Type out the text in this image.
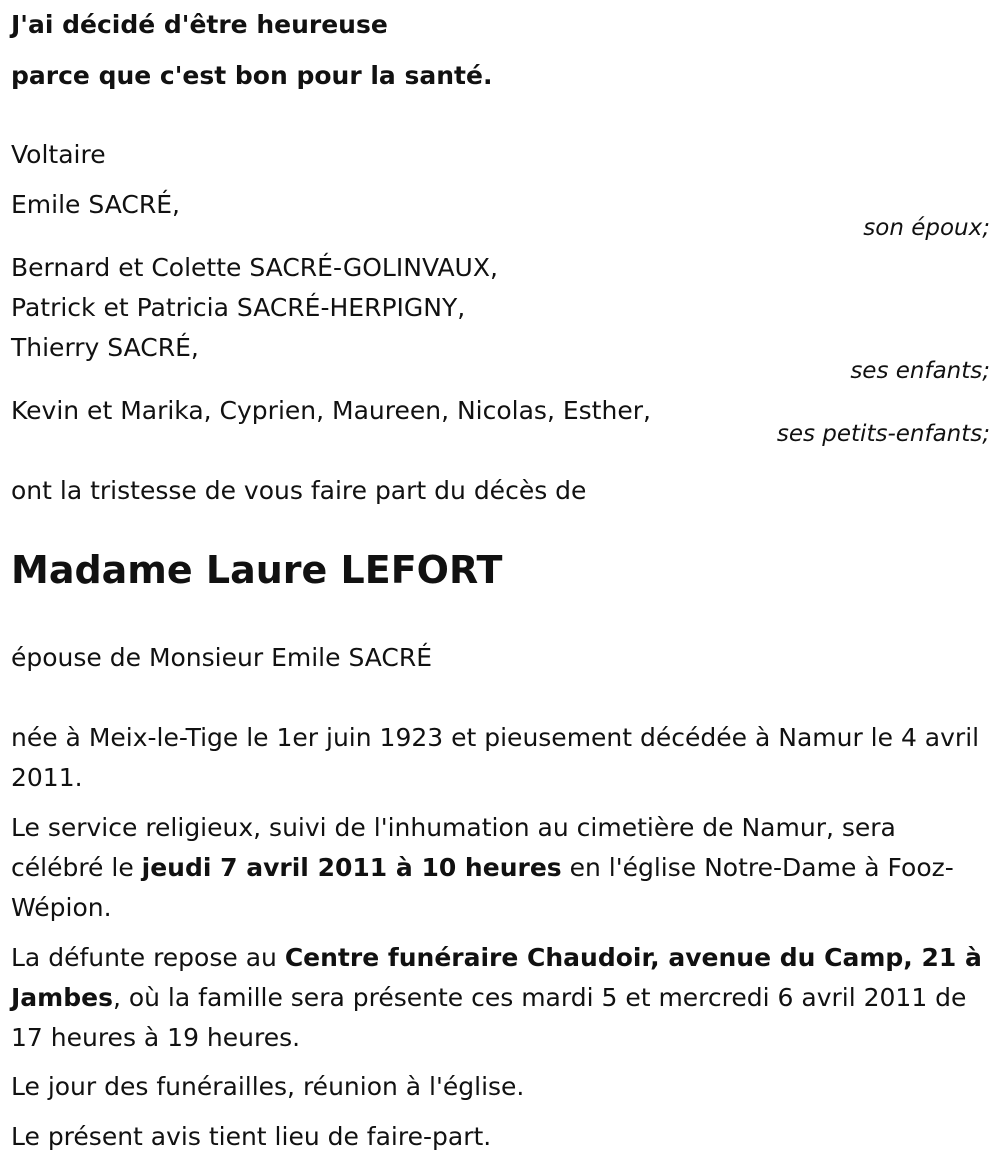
J'ai décidé d'être heureuse
parce que c'est bon pour la santé.
Voltaire
Emile SACRÉ,
son époux;
Bernard et Colette SACRÉ-GOLINVAUX,
Patrick et Patricia SACRÉ-HERPIGNY,
Thierry SACRÉ,
ses enfants;
Kevin et Marika, Cyprien, Maureen, Nicolas, Esther,
ses petits-enfants;
ont la tristesse de vous faire part du décès de
Madame Laure LEFORT
épouse de Monsieur Emile SACRÉ
née à Meix-le-Tige le 1er juin 1923 et pieusement décédée à Namur le 4 avril 2011.
Le service religieux, suivi de l'inhumation au cimetière de Namur, sera célébré le jeudi 7 avril 2011 à 10 heures en l'église Notre-Dame à Fooz-Wépion.
La défunte repose au Centre funéraire Chaudoir, avenue du Camp, 21 à Jambes, où la famille sera présente ces mardi 5 et mercredi 6 avril 2011 de 17 heures à 19 heures.
Le jour des funérailles, réunion à l'église.
Le présent avis tient lieu de faire-part.
